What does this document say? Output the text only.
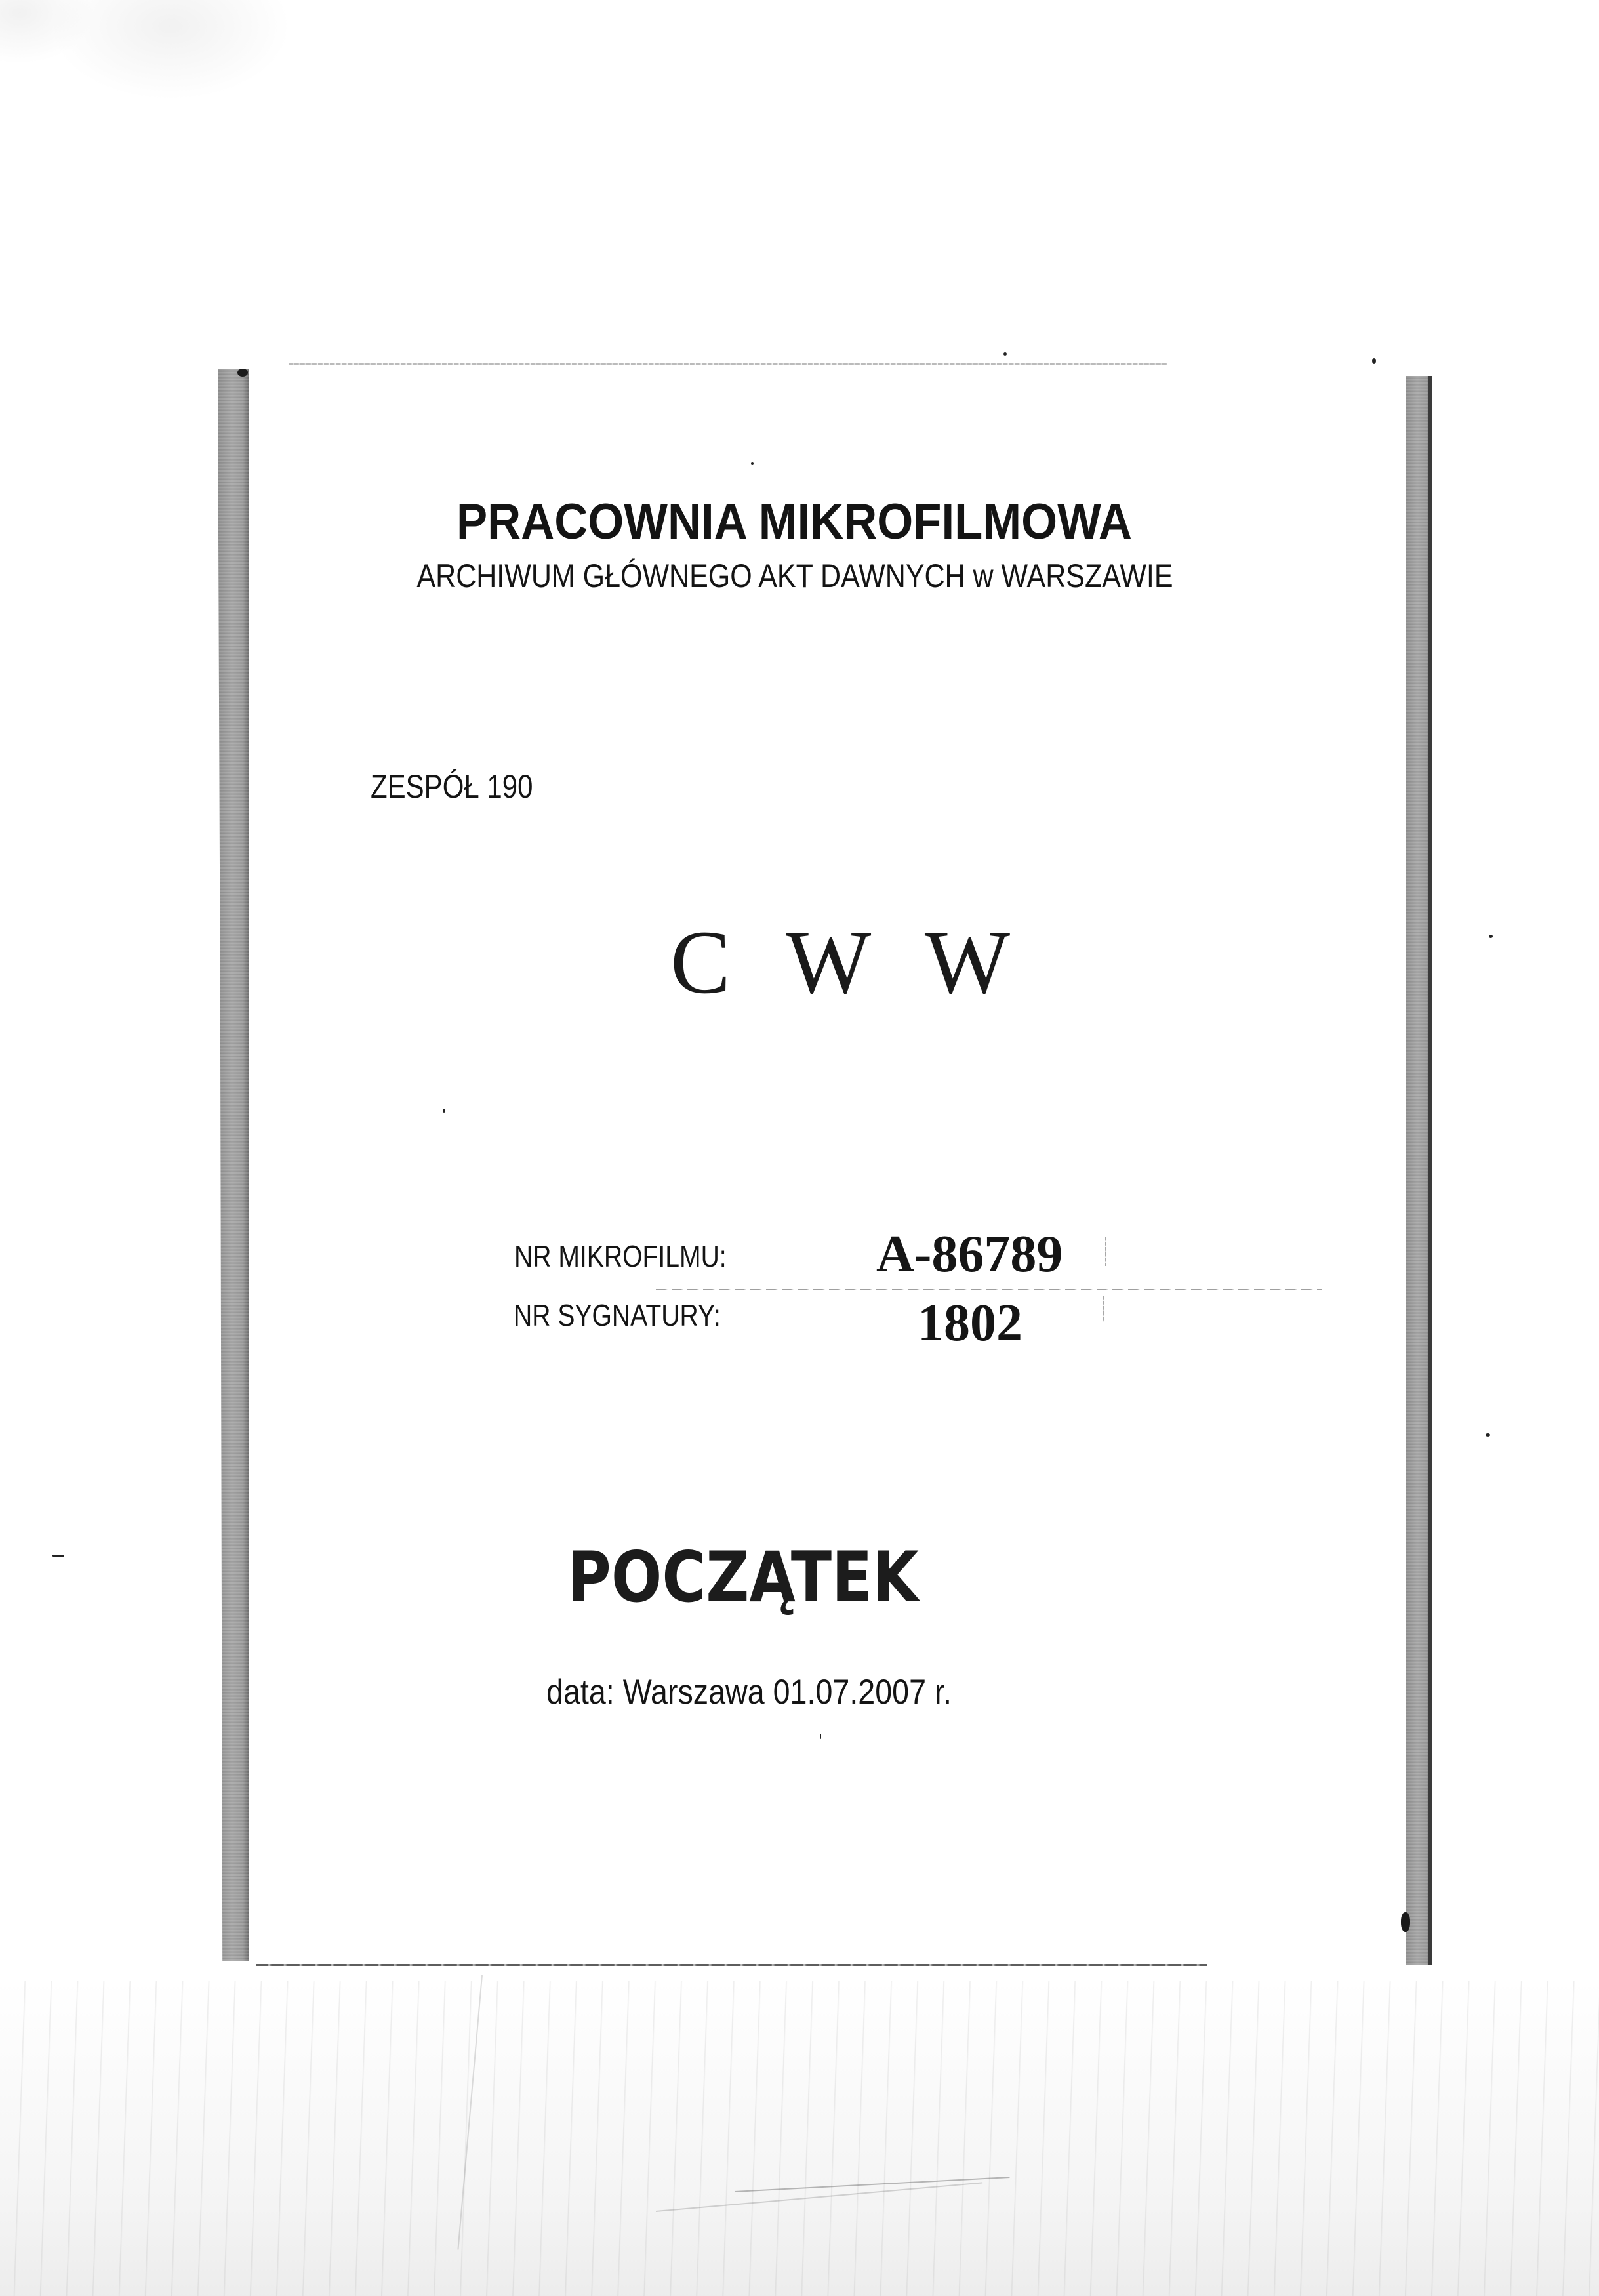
PRACOWNIA MIKROFILMOWA
ARCHIWUM GŁÓWNEGO AKT DAWNYCH w WARSZAWIE
ZESPÓŁ 190
C W W
NR MIKROFILMU:	A-86789
NR SYGNATURY:	1802
POCZĄTEK
data: Warszawa 01.07.2007 r.
